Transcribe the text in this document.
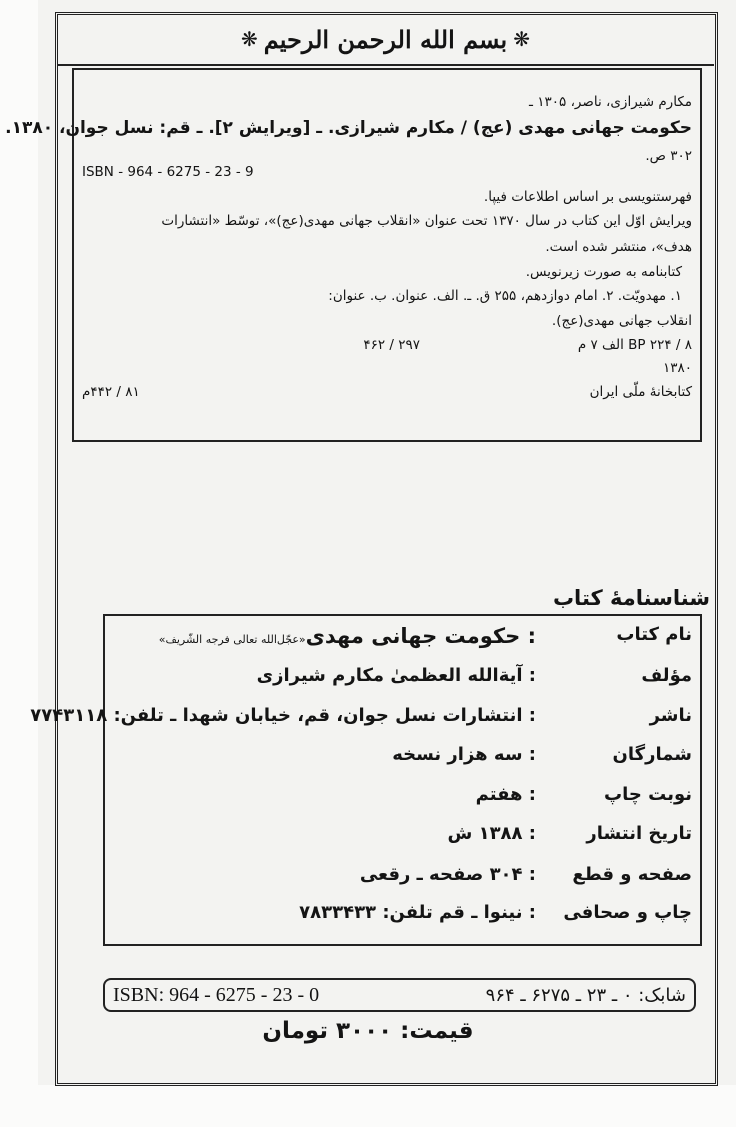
❋ بسم الله الرحمن الرحیم ❋
مکارم شیرازی، ناصر، ۱۳۰۵ ـ
حکومت جهانی مهدی (عج) / مکارم شیرازی. ـ [ویرایش ۲]. ـ قم: نسل جوان، ۱۳۸۰.
۳۰۲ ص.
ISBN - 964 - 6275 - 23 - 9
فهرستنویسی بر اساس اطلاعات فیپا.
ویرایش اوّل این کتاب در سال ۱۳۷۰ تحت عنوان «انقلاب جهانی مهدی(عج)»، توسّط «انتشارات
هدف»، منتشر شده است.
کتابنامه به صورت زیرنویس.
۱. مهدویّت. ۲. امام دوازدهم، ۲۵۵ ق. ـ. الف. عنوان. ب. عنوان:
انقلاب جهانی مهدی(عج).
BP ۲۲۴ / ۸ الف ۷ م
۲۹۷ / ۴۶۲
۱۳۸۰
کتابخانهٔ ملّی ایران
۸۱ / ۴۴۲م
شناسنامهٔ کتاب
نام کتاب
: حکومت جهانی مهدی«عجّل‌الله تعالی فرجه الشّریف»
مؤلف
: آیة‌الله العظمیٰ مکارم شیرازی
ناشر
: انتشارات نسل جوان، قم، خیابان شهدا ـ تلفن: ۷۷۴۳۱۱۸
شمارگان
: سه هزار نسخه
نوبت چاپ
: هفتم
تاریخ انتشار
: ۱۳۸۸ ش
صفحه و قطع
: ۳۰۴ صفحه ـ رقعی
چاپ و صحافی
: نینوا ـ قم تلفن: ۷۸۳۳۴۳۳
ISBN: 964 - 6275 - 23 - 0	شابک: ۰ ـ ۲۳ ـ ۶۲۷۵ ـ ۹۶۴
قیمت: ۳۰۰۰ تومان
